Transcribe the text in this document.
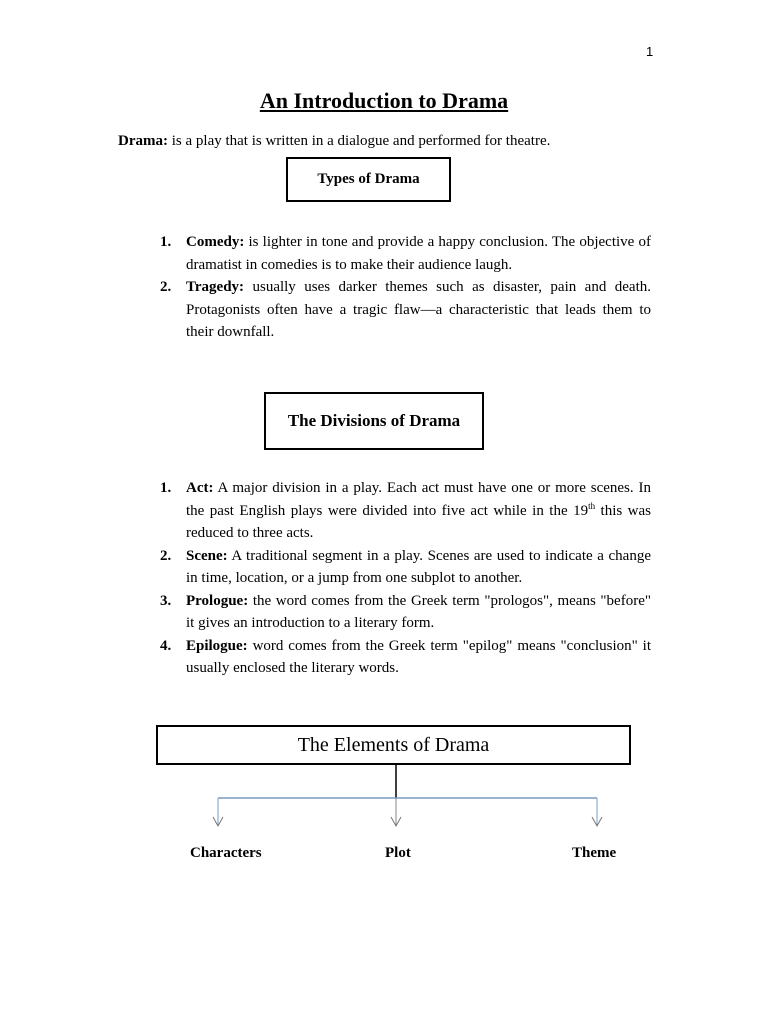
1
An Introduction to Drama
Drama: is a play that is written in a dialogue and performed for theatre.
Types of Drama
1. Comedy: is lighter in tone and provide a happy conclusion. The objective of dramatist in comedies is to make their audience laugh.
2. Tragedy: usually uses darker themes such as disaster, pain and death. Protagonists often have a tragic flaw—a characteristic that leads them to their downfall.
The Divisions of Drama
1. Act: A major division in a play. Each act must have one or more scenes. In the past English plays were divided into five act while in the 19th this was reduced to three acts.
2. Scene: A traditional segment in a play. Scenes are used to indicate a change in time, location, or a jump from one subplot to another.
3. Prologue: the word comes from the Greek term "prologos", means "before" it gives an introduction to a literary form.
4. Epilogue: word comes from the Greek term "epilog" means "conclusion" it usually enclosed the literary words.
The Elements of Drama
Characters	Plot	Theme
